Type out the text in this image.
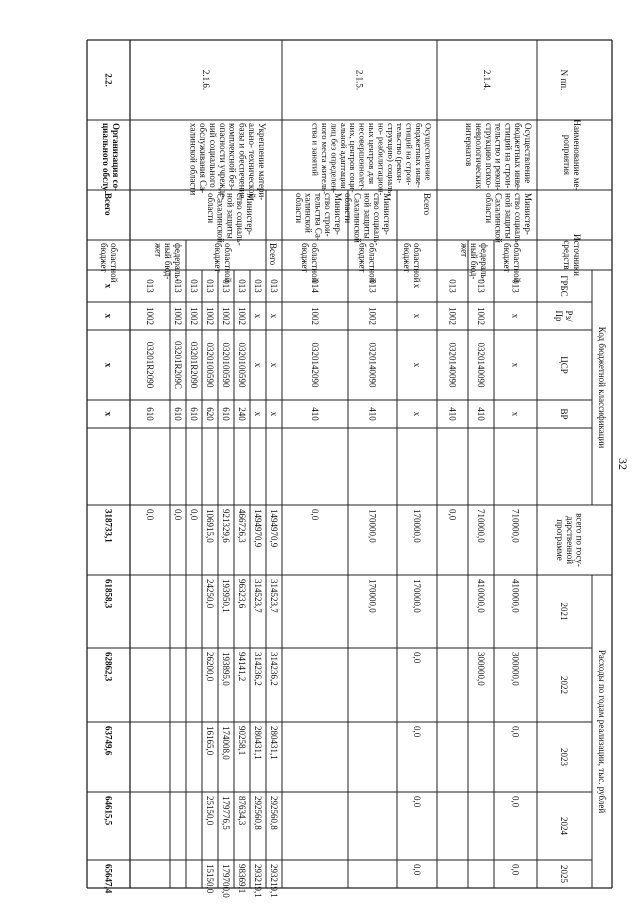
32
N пп.
Наименование ме-роприятия
Источникисредств
Код бюджетной классификации
ГРБС
Рз/Пр
ЦСР
ВР
всего по госу-дарственнойпрограмме
Расходы по годам реализации, тыс. рублей
2021
2022
2023
2024
2025
2.1.4.
Осуществлениебюджетных инве-стиций на строи-тельство и рекон-струкцию психо-неврологическихинтернатов
Министер-ство социаль-ной защитыСахалинскойобласти
областнойбюджет
федераль-ный бюд-жет
013
x
x
x
710000,0
410000,0
300000,0
0,0
0,0
0,0
013
1002
0320140090
410
710000,0
410000,0
300000,0
013
1002
0320140090
410
0,0
2.1.5.
Осуществлениебюджетных инве-стиций на строи-тельство (рекон-струкцию) социаль-но- реабилитацион-ных центров длянесовершеннолет-них, центров соци-альной адаптациилиц без определен-ного места житель-ства и занятий
Всего
Министер-ство социаль-ной защитыСахалинскойобласти
Министер-ство строи-тельства Са-халинскойобласти
областнойбюджет
x
x
x
x
170000,0
170000,0
0,0
0,0
0,0
0,0
областнойбюджет
013
1002
0320140090
410
170000,0
170000,0
областнойбюджет
014
1002
0320142090
410
0,0
2.1.6.
Укрепление матери-ально- техническойбазы и обеспечениекомплексной без-опасности учрежде-ний социальногообслуживания Са-халинской области
Министер-ство социаль-ной защитыСахалинскойобласти
Всего
областнойбюджет
федераль-ный бюд-жет
013
x
x
x
1494970,9
314523,7
314236,2
280431,1
292560,8
293219,1
013
x
x
x
1494970,9
314523,7
314236,2
280431,1
292560,8
293219,1
013
1002
0320100590
240
466726,3
96323,6
94141,2
90258,1
87634,3
98369,1
013
1002
0320100590
610
921329,6
193950,1
193895,0
174008,0
179776,5
179700,0
013
1002
0320100590
620
106915,0
24250,0
26200,0
16165,0
25150,0
15150,0
013
1002
03201R2090
610
0,0
013
1002
03201R209C
610
0,0
013
1002
03201R2090
610
0,0
2.2.
Организация со-циального обслу-
Всего
областнойбюджет
x
x
x
x
318733,1
61858,3
62862,3
63749,6
64615,5
65647,4
